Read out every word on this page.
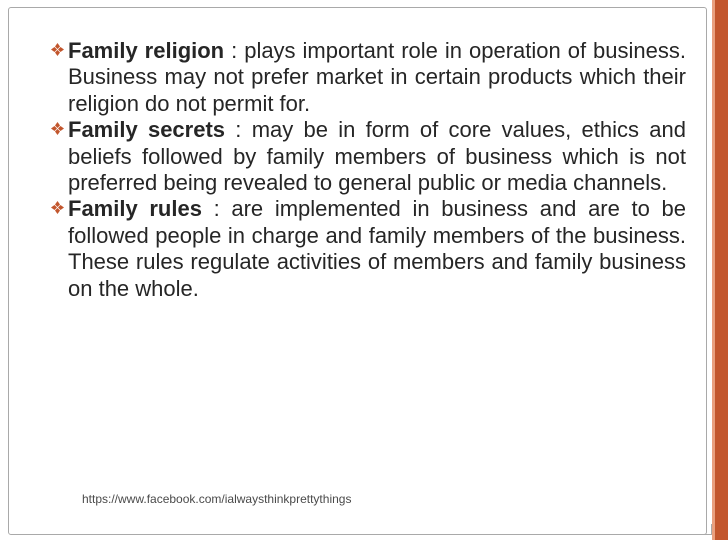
Family religion : plays important role in operation of business. Business may not prefer market in certain products which their religion do not permit for.

Family secrets : may be in form of core values, ethics and beliefs followed by family members of business which is not preferred being revealed to general public or media channels.

Family rules : are implemented in business and are to be followed people in charge and family members of the business. These rules regulate activities of members and family business on the whole.

https://www.facebook.com/ialwaysthinkprettythings
